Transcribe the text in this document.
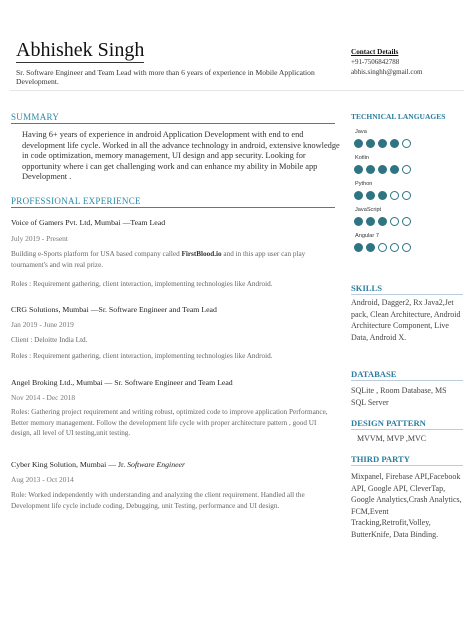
Abhishek Singh
Sr. Software Engineer and Team Lead with more than 6 years of experience in Mobile Application Development.
Contact Details
+91-7506842788
abhis.singhh@gmail.com
SUMMARY
Having 6+ years of experience in android Application Development with end to end development life cycle. Worked in all the advance technology in android, extensive knowledge in code optimization, memory management, UI design and app security. Looking for opportunity where i can get challenging work and can enhance my ability in Mobile app Development .
PROFESSIONAL EXPERIENCE
Voice of Gamers Pvt. Ltd, Mumbai —Team Lead
July 2019 - Present
Building e-Sports platform for USA based company called FirstBlood.io and in this app user can play tournament's and win real prize.
Roles : Requirement gathering, client interaction, implementing technologies like Android.
CRG Solutions, Mumbai —Sr. Software Engineer and Team Lead
Jan 2019 - June 2019
Client : Deloitte India Ltd.
Roles : Requirement gathering, client interaction, implementing technologies like Android.
Angel Broking Ltd., Mumbai — Sr. Software Engineer and Team Lead
Nov 2014 - Dec 2018
Roles: Gathering project requirement and writing robust, optimized code to improve application Performance, Better memory management. Follow the development life cycle with proper architecture pattern , good UI design, all level of UI testing,unit testing.
Cyber King Solution, Mumbai — Jr. Software Engineer
Aug 2013 - Oct 2014
Role: Worked independently with understanding and analyzing the client requirement. Handled all the Development life cycle include coding, Debugging, unit Testing, performance and UI design.
TECHNICAL LANGUAGES
Java
Kotlin
Python
JavaScript
Angular 7
SKILLS
Android, Dagger2, Rx Java2,Jet pack, Clean Architecture, Android Architecture Component, Live Data, Android X.
DATABASE
SQLite , Room Database, MS SQL Server
DESIGN PATTERN
MVVM, MVP ,MVC
THIRD PARTY
Mixpanel, Firebase API,Facebook API, Google API, CleverTap, Google Analytics,Crash Analytics, FCM,Event Tracking,Retrofit,Volley, ButterKnife, Data Binding.
